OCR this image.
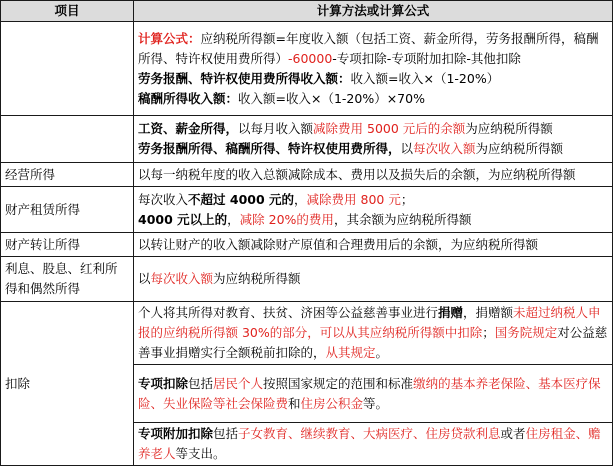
项目	计算方法或计算公式

	计算公式：应纳税所得额=年度收入额（包括工资、薪金所得，劳务报酬所得，稿酬所得、特许权使用费所得）-60000-专项扣除-专项附加扣除-其他扣除
劳务报酬、特许权使用费所得收入额：收入额=收入×（1-20%）
稿酬所得收入额：收入额=收入×（1-20%）×70%

	工资、薪金所得，以每月收入额减除费用 5000 元后的余额为应纳税所得额
劳务报酬所得、稿酬所得、特许权使用费所得，以每次收入额为应纳税所得额

经营所得	以每一纳税年度的收入总额减除成本、费用以及损失后的余额，为应纳税所得额

财产租赁所得	每次收入不超过 4000 元的，减除费用 800 元；
4000 元以上的，减除 20%的费用，其余额为应纳税所得额

财产转让所得	以转让财产的收入额减除财产原值和合理费用后的余额，为应纳税所得额

利息、股息、红利所得和偶然所得	以每次收入额为应纳税所得额

扣除	个人将其所得对教育、扶贫、济困等公益慈善事业进行捐赠，捐赠额未超过纳税人申报的应纳税所得额 30%的部分，可以从其应纳税所得额中扣除；国务院规定对公益慈善事业捐赠实行全额税前扣除的，从其规定。

	专项扣除包括居民个人按照国家规定的范围和标准缴纳的基本养老保险、基本医疗保险、失业保险等社会保险费和住房公积金等。

	专项附加扣除包括子女教育、继续教育、大病医疗、住房贷款利息或者住房租金、赡养老人等支出。
